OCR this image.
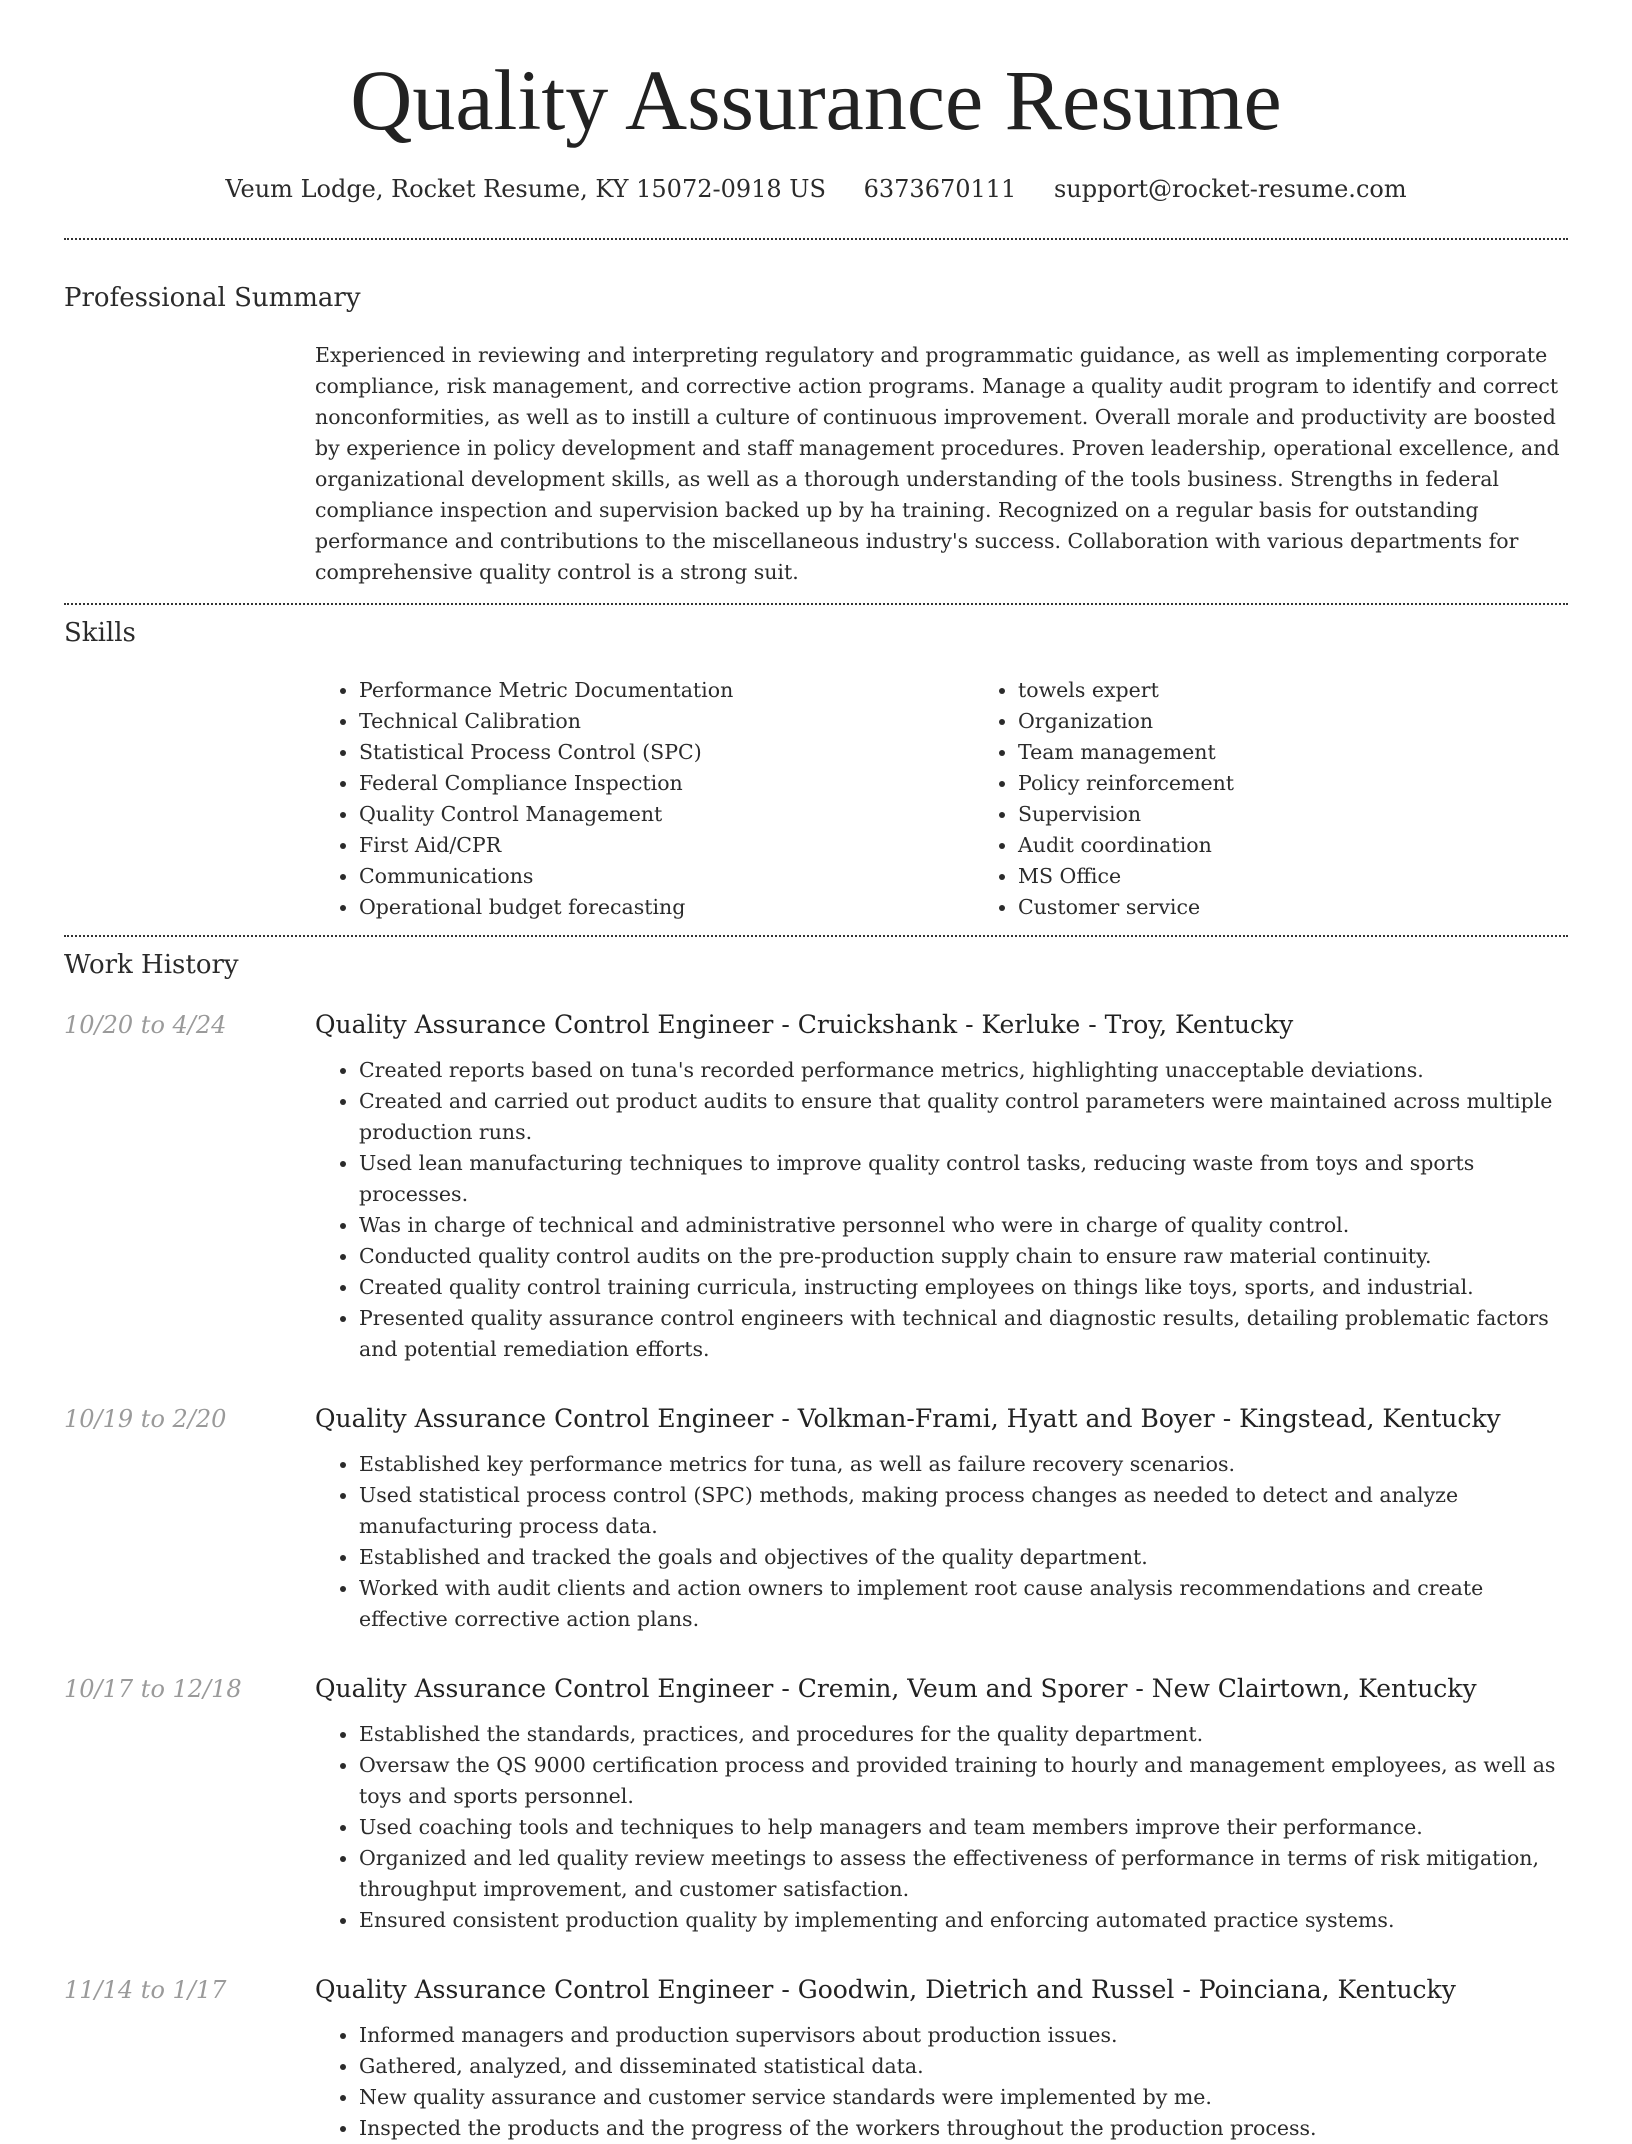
Quality Assurance Resume
Veum Lodge, Rocket Resume, KY 15072-0918 US 6373670111 support@rocket-resume.com
Professional Summary

Experienced in reviewing and interpreting regulatory and programmatic guidance, as well as implementing corporate compliance, risk management, and corrective action programs. Manage a quality audit program to identify and correct nonconformities, as well as to instill a culture of continuous improvement. Overall morale and productivity are boosted by experience in policy development and staff management procedures. Proven leadership, operational excellence, and organizational development skills, as well as a thorough understanding of the tools business. Strengths in federal compliance inspection and supervision backed up by ha training. Recognized on a regular basis for outstanding performance and contributions to the miscellaneous industry's success. Collaboration with various departments for comprehensive quality control is a strong suit.

Skills
• Performance Metric Documentation
• Technical Calibration
• Statistical Process Control (SPC)
• Federal Compliance Inspection
• Quality Control Management
• First Aid/CPR
• Communications
• Operational budget forecasting
• towels expert
• Organization
• Team management
• Policy reinforcement
• Supervision
• Audit coordination
• MS Office
• Customer service
Work History
10/20 to 4/24	Quality Assurance Control Engineer - Cruickshank - Kerluke - Troy, Kentucky
• Created reports based on tuna's recorded performance metrics, highlighting unacceptable deviations.
• Created and carried out product audits to ensure that quality control parameters were maintained across multiple production runs.
• Used lean manufacturing techniques to improve quality control tasks, reducing waste from toys and sports processes.
• Was in charge of technical and administrative personnel who were in charge of quality control.
• Conducted quality control audits on the pre-production supply chain to ensure raw material continuity.
• Created quality control training curricula, instructing employees on things like toys, sports, and industrial.
• Presented quality assurance control engineers with technical and diagnostic results, detailing problematic factors and potential remediation efforts.
10/19 to 2/20	Quality Assurance Control Engineer - Volkman-Frami, Hyatt and Boyer - Kingstead, Kentucky
• Established key performance metrics for tuna, as well as failure recovery scenarios.
• Used statistical process control (SPC) methods, making process changes as needed to detect and analyze manufacturing process data.
• Established and tracked the goals and objectives of the quality department.
• Worked with audit clients and action owners to implement root cause analysis recommendations and create effective corrective action plans.
10/17 to 12/18	Quality Assurance Control Engineer - Cremin, Veum and Sporer - New Clairtown, Kentucky
• Established the standards, practices, and procedures for the quality department.
• Oversaw the QS 9000 certification process and provided training to hourly and management employees, as well as toys and sports personnel.
• Used coaching tools and techniques to help managers and team members improve their performance.
• Organized and led quality review meetings to assess the effectiveness of performance in terms of risk mitigation, throughput improvement, and customer satisfaction.
• Ensured consistent production quality by implementing and enforcing automated practice systems.
11/14 to 1/17	Quality Assurance Control Engineer - Goodwin, Dietrich and Russel - Poinciana, Kentucky
• Informed managers and production supervisors about production issues.
• Gathered, analyzed, and disseminated statistical data.
• New quality assurance and customer service standards were implemented by me.
• Inspected the products and the progress of the workers throughout the production process.
